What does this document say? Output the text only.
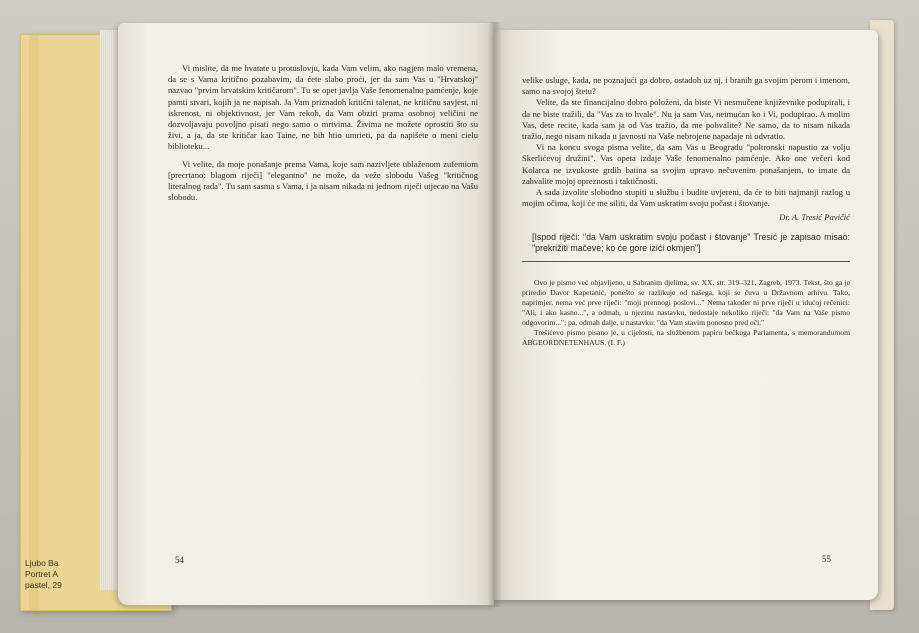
Ljubo Ba
Portret A
pastel, 29

Vi mislite, da me hvatate u protuslovju, kada Vam velim, ako nagjem malo vremena, da se s Vama kritično pozabavim, da ćete slabo proći, jer da sam Vas u "Hrvatskoj" nazvao "prvim hrvatskim kritičarom". Tu se opet javlja Vaše fenomenalno pamćenje, koje pamti stvari, kojih ja ne napisah. Ja Vam priznadoh kritični talenat, ne kritičnu savjest, ni iskrenost, ni objektivnost, jer Vam rekoh, da Vam obziri prama osobnoj veličini ne dozvoljavaju povoljno pisati nego samo o mrtvima. Živima ne možete oprostiti što su živi, a ja, da ste kritičar kao Taine, ne bih htio umrieti, pa da napišete o meni cielu biblioteku...

Vi velite, da moje ponašanje prema Vama, koje sam nazivljete ublaženom zufemiom [precrtano: blagom riječi] "elegantno" ne može, da veže slobodu Vašeg "kritičnog literalnog rada". Tu sam sasma s Vama, i ja nisam nikada ni jednom riječi utjecao na Vašu slobodu.

54

velike usluge, kada, ne poznajući ga dobro, ostadoh uz nj, i branih ga svojim perom i imenom, samo na svojoj štetu?

Velite, da ste financijalno dobro položeni, da biste Vi nesmučene književnike podupirali, i da ne biste tražili, da "Vas za to hvale". Nu ja sam Vas, neimućan ko i Vi, podupirao. A molim Vas, dete recite, kada sam ja od Vas tražio, da me pohvalite? Ne samo, da to nisam nikada tražio, nego nisam nikada u javnosti na Vaše nebrojene napadaje ni odvratio.

Vi na koncu svoga pisma velite, da sam Vas u Beogradu "poltronski napustio za volju Skerlićevoj družini". Vas opeta izdaje Vaše fenomenalno pamćenje. Ako one večeri kod Kolarca ne izvukoste grdih batina sa svojim upravo nečuvenim ponašanjem, to imate da zahvalite mojoj opreznosti i taktičnosti.

A sada izvolite slobodno stupiti u službu i budite uvjereni, da će to biti najmanji razlog u mojim očima, koji će me siliti, da Vam uskratim svoju počast i štovanje.

Dr. A. Tresić Pavičić

[Ispod riječi: "da Vam uskratim svoju počast i štovanje" Tresić je zapisao misao: "prekrižiti mačeve; ko će gore izići okmjen"]

Ovo je pismo već objavljeno, u Sabranim djelima, sv. XX, str. 319–321, Zagreb, 1973. Tekst, što ga je priredio Davor Kapetanić, ponešto se razlikuje od našega, koji se čuva u Državnom arhivu. Tako, naprimjer, nema već prve riječi: "moji prennogi poslovi..." Nema također ni prve riječi u idućoj rečenici: "Ali, i ako kasno...", a odmah, u njezinu nastavku, nedostaje nekoliko riječi: "da Vam na Vaše pismo odgovorim..."; pa, odmah dalje, u nastavku: "da Vam stavim ponosno pred oči."

Trešićevo pismo pisano je, u cijelosti, na službenom papiru bečkoga Parlamenta, s memorandumom ABGEORDNETENHAUS. (I. F.)

55
